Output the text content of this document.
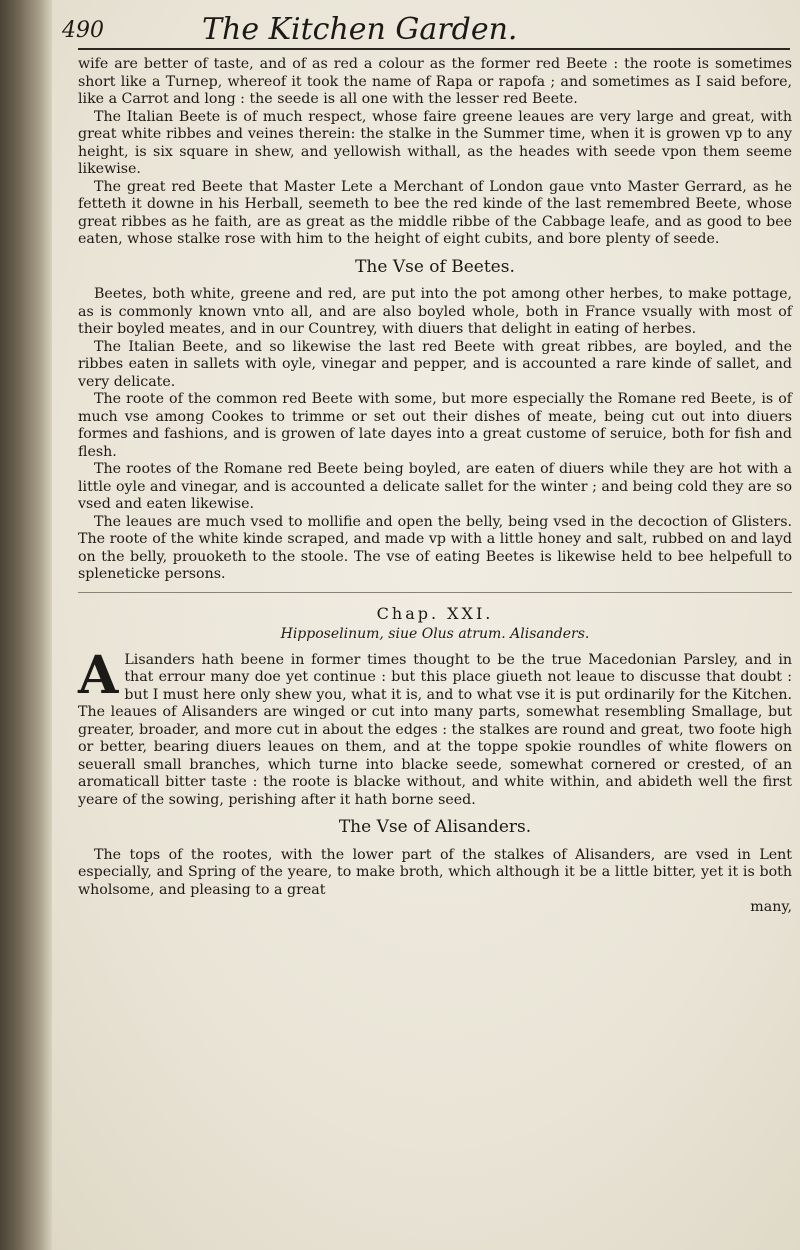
490	The Kitchen Garden.

wife are better of taste, and of as red a colour as the former red Beete : the roote is sometimes short like a Turnep, whereof it took the name of Rapa or rapofa ; and sometimes as I said before, like a Carrot and long : the seede is all one with the lesser red Beete.

The Italian Beete is of much respect, whose faire greene leaues are very large and great, with great white ribbes and veines therein: the stalke in the Summer time, when it is growen vp to any height, is six square in shew, and yellowish withall, as the heades with seede vpon them seeme likewise.

The great red Beete that Master Lete a Merchant of London gaue vnto Master Gerrard, as he fetteth it downe in his Herball, seemeth to bee the red kinde of the last remembred Beete, whose great ribbes as he faith, are as great as the middle ribbe of the Cabbage leafe, and as good to bee eaten, whose stalke rose with him to the height of eight cubits, and bore plenty of seede.

The Vse of Beetes.

Beetes, both white, greene and red, are put into the pot among other herbes, to make pottage, as is commonly known vnto all, and are also boyled whole, both in France vsually with most of their boyled meates, and in our Countrey, with diuers that delight in eating of herbes.

The Italian Beete, and so likewise the last red Beete with great ribbes, are boyled, and the ribbes eaten in sallets with oyle, vinegar and pepper, and is accounted a rare kinde of sallet, and very delicate.

The roote of the common red Beete with some, but more especially the Romane red Beete, is of much vse among Cookes to trimme or set out their dishes of meate, being cut out into diuers formes and fashions, and is growen of late dayes into a great custome of seruice, both for fish and flesh.

The rootes of the Romane red Beete being boyled, are eaten of diuers while they are hot with a little oyle and vinegar, and is accounted a delicate sallet for the winter ; and being cold they are so vsed and eaten likewise.

The leaues are much vsed to mollifie and open the belly, being vsed in the decoction of Glisters. The roote of the white kinde scraped, and made vp with a little honey and salt, rubbed on and layd on the belly, prouoketh to the stoole. The vse of eating Beetes is likewise held to bee helpefull to spleneticke persons.

Chap. XXI.
Hipposelinum, siue Olus atrum. Alisanders.

A Lisanders hath beene in former times thought to be the true Macedonian Parsley, and in that errour many doe yet continue : but this place giueth not leaue to discusse that doubt : but I must here only shew you, what it is, and to what vse it is put ordinarily for the Kitchen. The leaues of Alisanders are winged or cut into many parts, somewhat resembling Smallage, but greater, broader, and more cut in about the edges : the stalkes are round and great, two foote high or better, bearing diuers leaues on them, and at the toppe spokie roundles of white flowers on seuerall small branches, which turne into blacke seede, somewhat cornered or crested, of an aromaticall bitter taste : the roote is blacke without, and white within, and abideth well the first yeare of the sowing, perishing after it hath borne seed.

The Vse of Alisanders.

The tops of the rootes, with the lower part of the stalkes of Alisanders, are vsed in Lent especially, and Spring of the yeare, to make broth, which although it be a little bitter, yet it is both wholsome, and pleasing to a great

many,
